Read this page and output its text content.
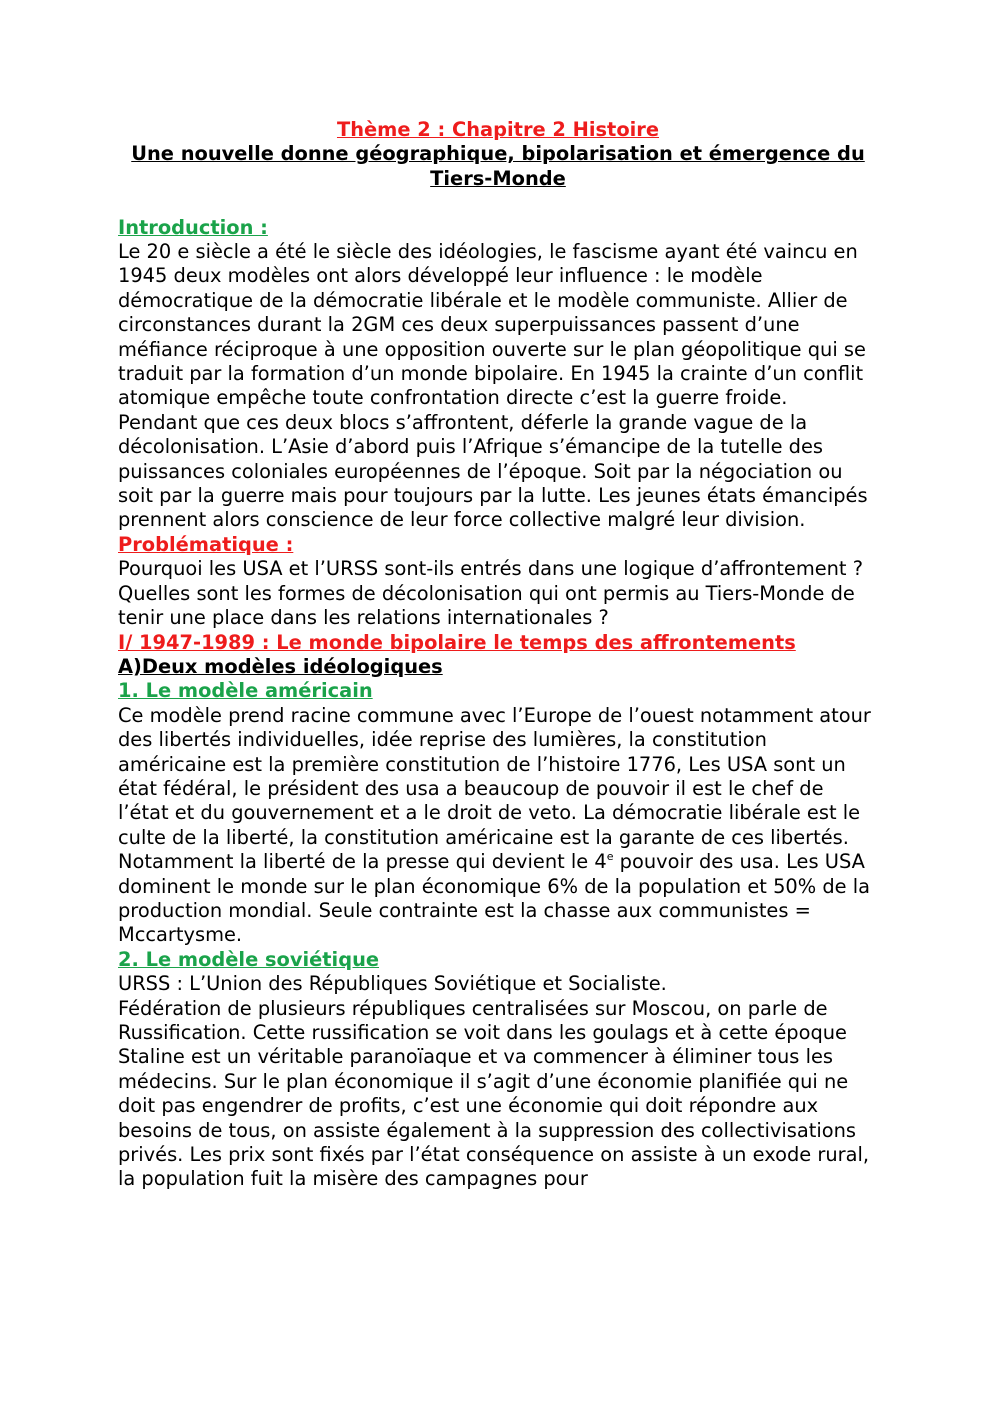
Thème 2 : Chapitre 2 Histoire
Une nouvelle donne géographique, bipolarisation et émergence du Tiers-Monde
Introduction :

Le 20 e siècle a été le siècle des idéologies, le fascisme ayant été vaincu en 1945 deux modèles ont alors développé leur influence : le modèle démocratique de la démocratie libérale et le modèle communiste. Allier de circonstances durant la 2GM ces deux superpuissances passent d’une méfiance réciproque à une opposition ouverte sur le plan géopolitique qui se traduit par la formation d’un monde bipolaire. En 1945 la crainte d’un conflit atomique empêche toute confrontation directe c’est la guerre froide.

Pendant que ces deux blocs s’affrontent, déferle la grande vague de la décolonisation. L’Asie d’abord puis l’Afrique s’émancipe de la tutelle des puissances coloniales européennes de l’époque. Soit par la négociation ou soit par la guerre mais pour toujours par la lutte. Les jeunes états émancipés prennent alors conscience de leur force collective malgré leur division.

Problématique :

Pourquoi les USA et l’URSS sont-ils entrés dans une logique d’affrontement ?

Quelles sont les formes de décolonisation qui ont permis au Tiers-Monde de tenir une place dans les relations internationales ?

I/ 1947-1989 : Le monde bipolaire le temps des affrontements
A)Deux modèles idéologiques
1. Le modèle américain

Ce modèle prend racine commune avec l’Europe de l’ouest notamment atour des libertés individuelles, idée reprise des lumières, la constitution américaine est la première constitution de l’histoire 1776, Les USA sont un état fédéral, le président des usa a beaucoup de pouvoir il est le chef de l’état et du gouvernement et a le droit de veto. La démocratie libérale est le culte de la liberté, la constitution américaine est la garante de ces libertés. Notamment la liberté de la presse qui devient le 4e pouvoir des usa. Les USA dominent le monde sur le plan économique 6% de la population et 50% de la production mondial. Seule contrainte est la chasse aux communistes = Mccartysme.

2. Le modèle soviétique

URSS : L’Union des Républiques Soviétique et Socialiste.

Fédération de plusieurs républiques centralisées sur Moscou, on parle de Russification. Cette russification se voit dans les goulags et à cette époque Staline est un véritable paranoïaque et va commencer à éliminer tous les médecins. Sur le plan économique il s’agit d’une économie planifiée qui ne doit pas engendrer de profits, c’est une économie qui doit répondre aux besoins de tous, on assiste également à la suppression des collectivisations privés. Les prix sont fixés par l’état conséquence on assiste à un exode rural, la population fuit la misère des campagnes pour
